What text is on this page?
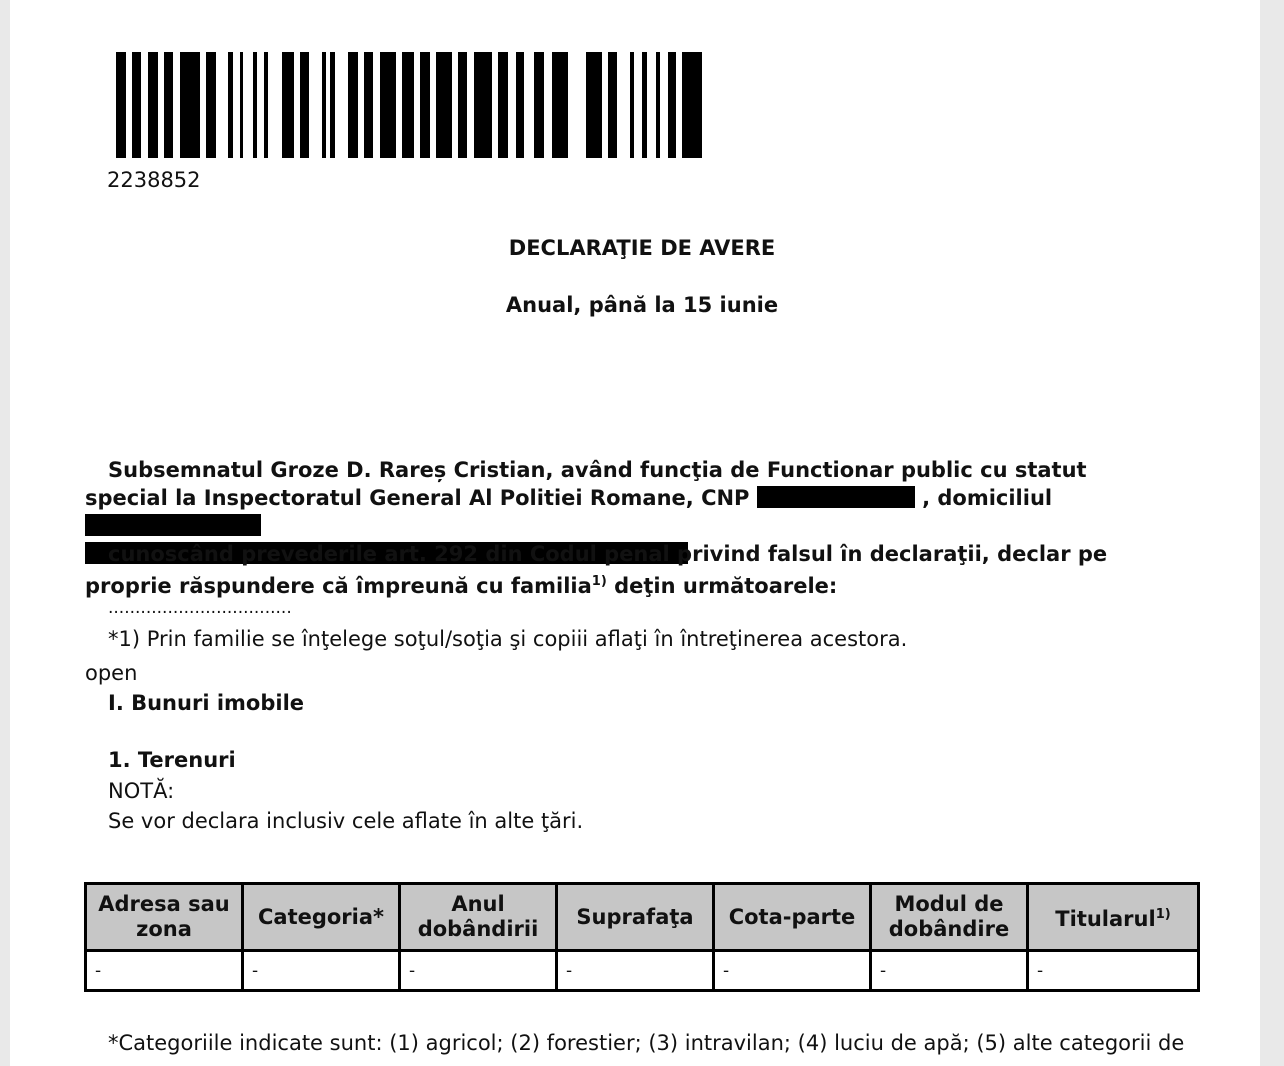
2238852
DECLARAŢIE DE AVERE
Anual, până la 15 iunie
Subsemnatul Groze D. Rareș Cristian, având funcţia de Functionar public cu statut special la Inspectoratul General Al Politiei Romane, CNP	, domiciliul

cunoscând prevederile art. 292 din Codul penal privind falsul în declaraţii, declar pe proprie răspundere că împreună cu familia$^{1)}$ deţin următoarele:
..................................
*1) Prin familie se înţelege soţul/soţia şi copiii aflaţi în întreţinerea acestora.
open
I. Bunuri imobile
1. Terenuri
NOTĂ:
Se vor declara inclusiv cele aflate în alte ţări.
Adresa sau zona	Categoria*	Anul dobândirii	Suprafaţa	Cota-parte	Modul de dobândire	Titularul$^{1)}$
-	-	-	-	-	-	-
*Categoriile indicate sunt: (1) agricol; (2) forestier; (3) intravilan; (4) luciu de apă; (5) alte categorii de
